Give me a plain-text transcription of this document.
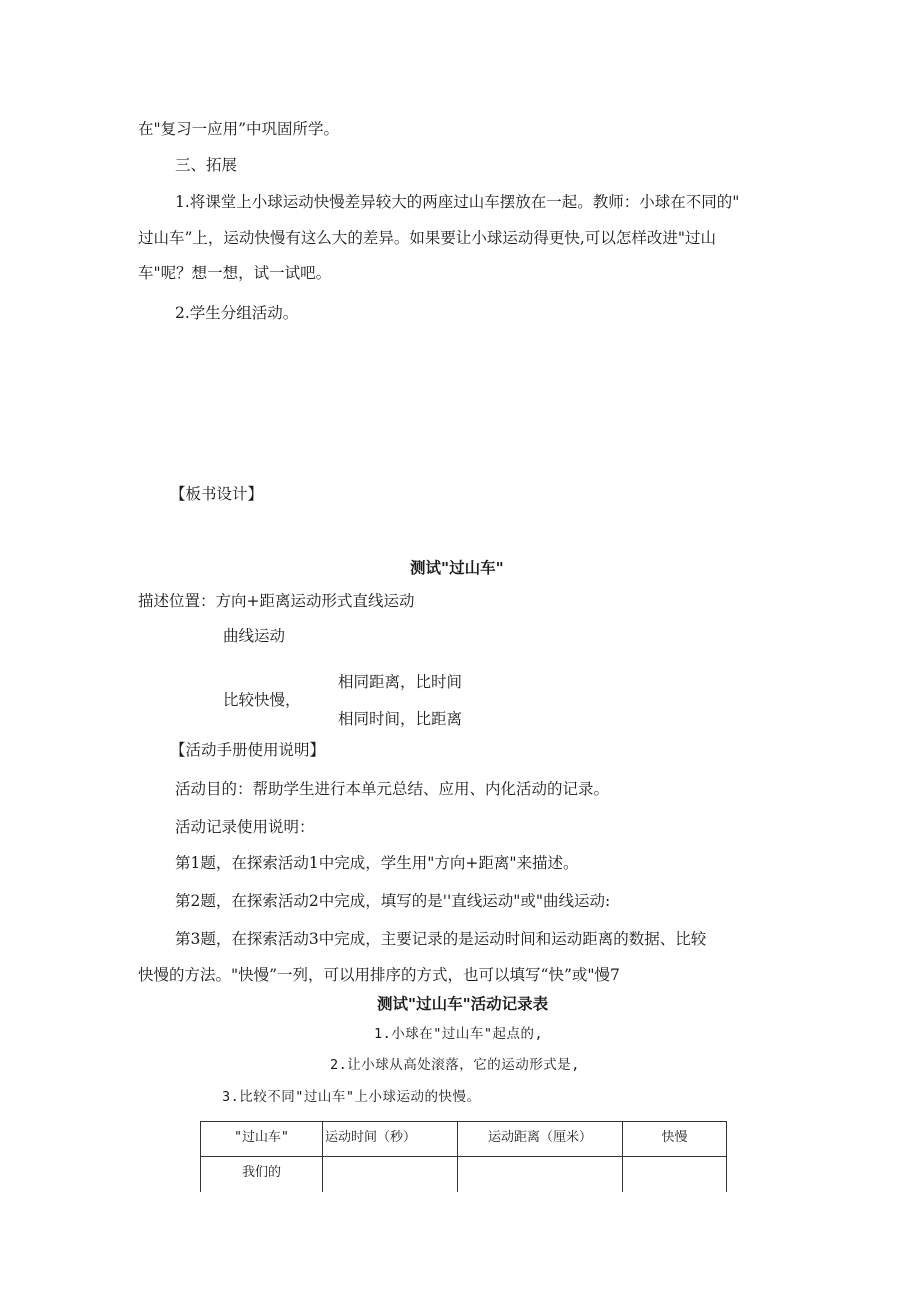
在"复习一应用”中巩固所学。
三、拓展
1.将课堂上小球运动快慢差异较大的两座过山车摆放在一起。教师：小球在不同的"
过山车”上，运动快慢有这么大的差异。如果要让小球运动得更快,可以怎样改进"过山
车"呢？想一想，试一试吧。
2.学生分组活动。
【板书设计】
测试"过山车"
描述位置：方向+距离运动形式直线运动
曲线运动
比较快慢，
相同距离，比时间
相同时间，比距离
【活动手册使用说明】
活动目的：帮助学生进行本单元总结、应用、内化活动的记录。
活动记录使用说明：
第1题，在探索活动1中完成，学生用"方向+距离"来描述。
第2题，在探索活动2中完成，填写的是''直线运动"或"曲线运动:
第3题，在探索活动3中完成，主要记录的是运动时间和运动距离的数据、比较
快慢的方法。"快慢”一列，可以用排序的方式，也可以填写“快”或"慢7
测试"过山车"活动记录表
1.小球在"过山车"起点的,
2.让小球从高处滚落，它的运动形式是,
3.比较不同"过山车"上小球运动的快慢。
"过山车"	运动时间（秒）	运动距离（厘米）	快慢
我们的			
